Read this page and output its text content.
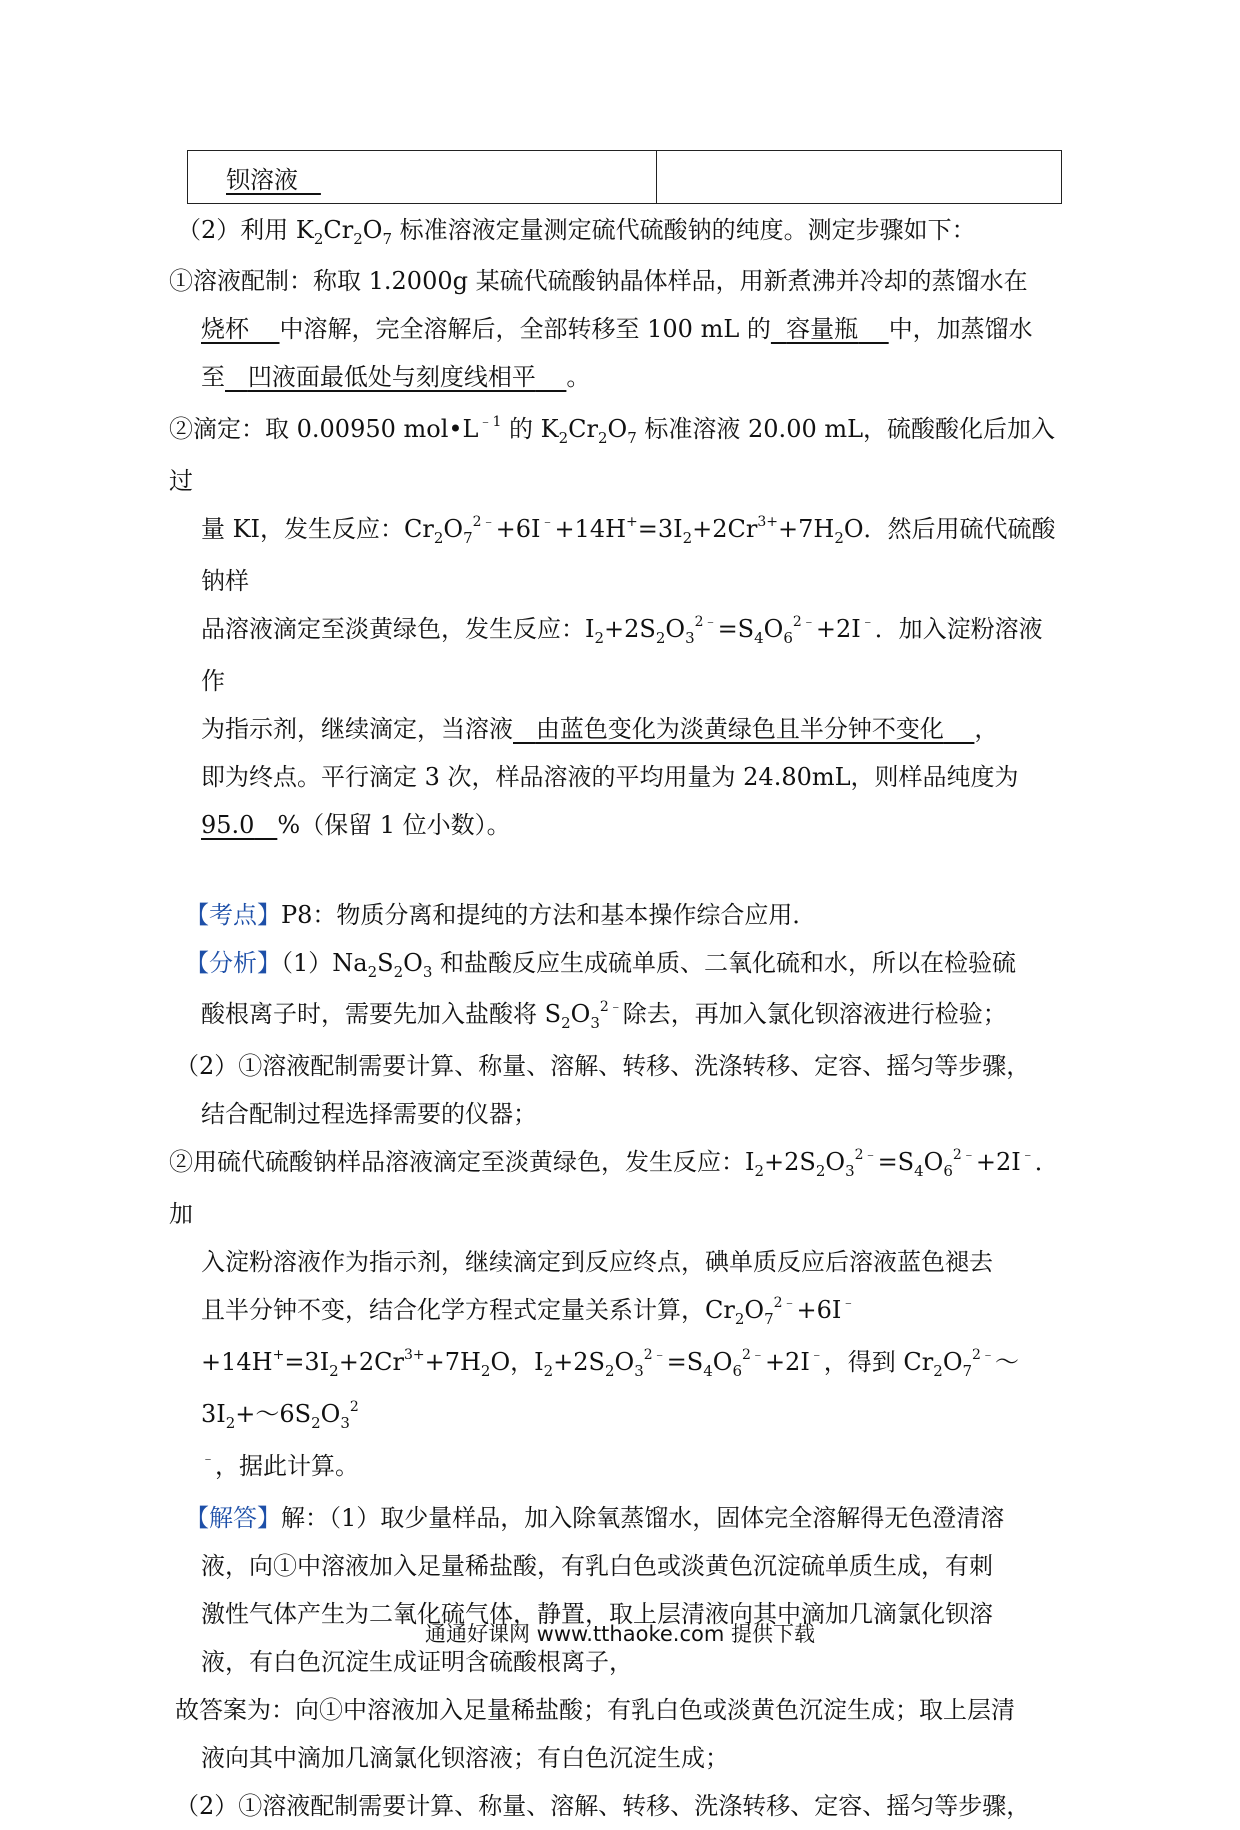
钡溶液	

（2）利用 $K_2Cr_2O_7$ 标准溶液定量测定硫代硫酸钠的纯度。测定步骤如下：

①溶液配制：称取 1.2000g 某硫代硫酸钠晶体样品，用新煮沸并冷却的蒸馏水在

烧杯 中溶解，完全溶解后，全部转移至 100 mL 的 容量瓶 中，加蒸馏水

至 凹液面最低处与刻度线相平 。

②滴定：取 0.00950 $mol•L^{﹣1}$ 的 $K_2Cr_2O_7$ 标准溶液 20.00 mL，硫酸酸化后加入过

量 KI，发生反应：$Cr_2O_7^{2﹣}+6I^﹣+14H^+=3I_2+2Cr^{3+}+7H_2O$．然后用硫代硫酸钠样

品溶液滴定至淡黄绿色，发生反应：$I_2+2S_2O_3^{2﹣}=S_4O_6^{2﹣}+2I^﹣$．加入淀粉溶液作

为指示剂，继续滴定，当溶液 由蓝色变化为淡黄绿色且半分钟不变化 ，

即为终点。平行滴定 3 次，样品溶液的平均用量为 24.80mL，则样品纯度为

95.0 %（保留 1 位小数）。

【考点】P8：物质分离和提纯的方法和基本操作综合应用．

【分析】$(1)Na_2S_2O_3$ 和盐酸反应生成硫单质、二氧化硫和水，所以在检验硫

酸根离子时，需要先加入盐酸将 $S_2O_3^{2﹣}$除去，再加入氯化钡溶液进行检验；

（2）①溶液配制需要计算、称量、溶解、转移、洗涤转移、定容、摇匀等步骤，

结合配制过程选择需要的仪器；

②用硫代硫酸钠样品溶液滴定至淡黄绿色，发生反应：$I_2+2S_2O_3^{2﹣}=S_4O_6^{2﹣}+2I^﹣$．加

入淀粉溶液作为指示剂，继续滴定到反应终点，碘单质反应后溶液蓝色褪去

且半分钟不变，结合化学方程式定量关系计算，$Cr_2O_7^{2﹣}+6I^﹣$

$+14H^+=3I_2+2Cr^{3+}+7H_2O$，$I_2+2S_2O_3^{2﹣}=S_4O_6^{2﹣}+2I^﹣$，得到 $Cr_2O_7^{2﹣}\sim 3I_2+\sim 6S_2O_3^2$

﹣，据此计算。

【解答】解：（1）取少量样品，加入除氧蒸馏水，固体完全溶解得无色澄清溶

液，向①中溶液加入足量稀盐酸，有乳白色或淡黄色沉淀硫单质生成，有刺

激性气体产生为二氧化硫气体，静置，取上层清液向其中滴加几滴氯化钡溶

液，有白色沉淀生成证明含硫酸根离子，

故答案为：向①中溶液加入足量稀盐酸；有乳白色或淡黄色沉淀生成；取上层清

液向其中滴加几滴氯化钡溶液；有白色沉淀生成；

（2）①溶液配制需要计算、称量、溶解、转移、洗涤转移、定容、摇匀等步骤，

通通好课网 www.tthaoke.com 提供下载
